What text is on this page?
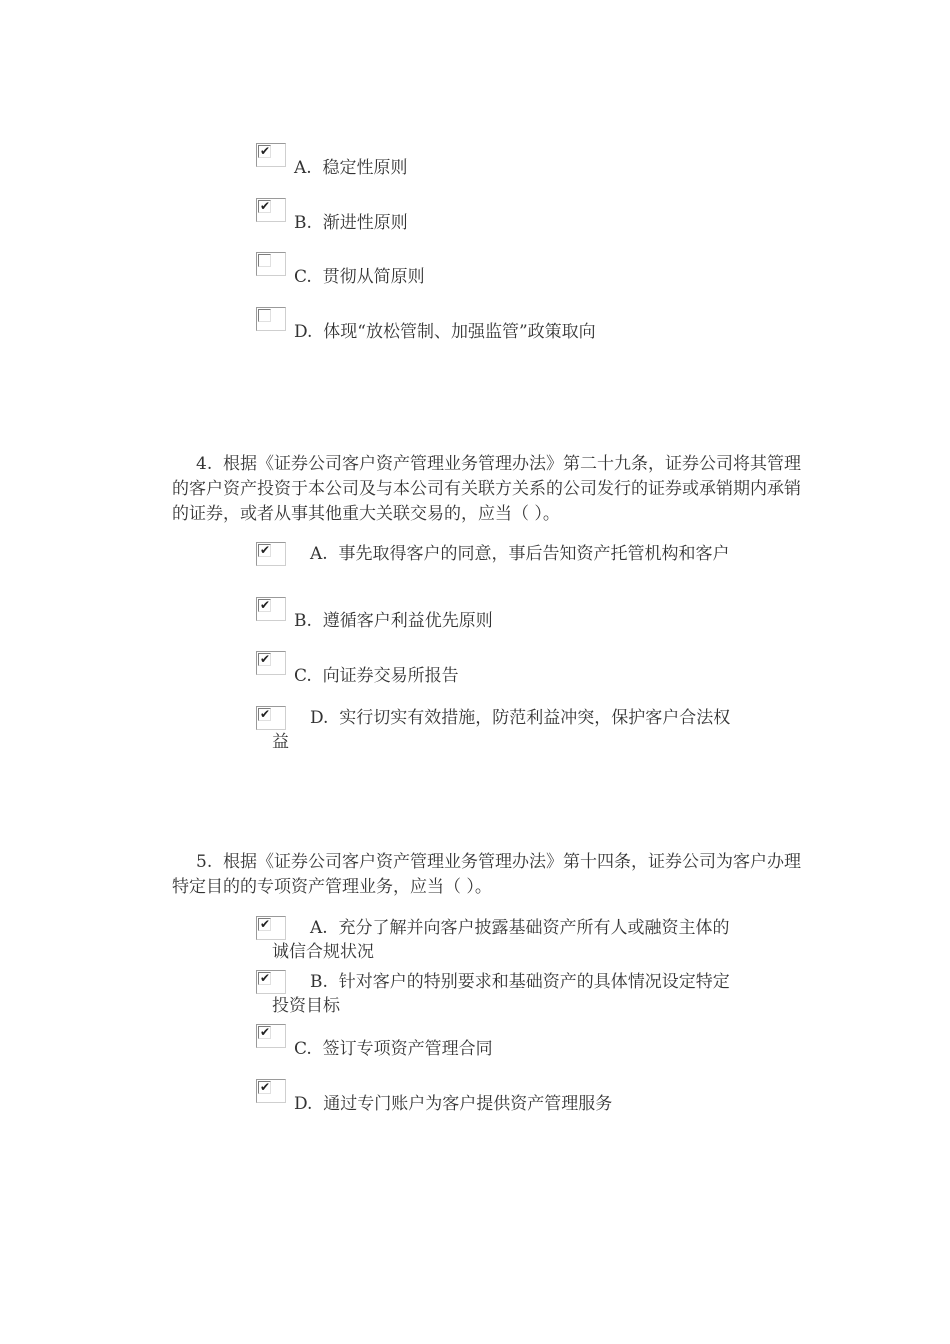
✔
A. 稳定性原则
✔
B. 渐进性原则
C. 贯彻从简原则
D. 体现“放松管制、加强监管”政策取向
4. 根据《证券公司客户资产管理业务管理办法》第二十九条，证券公司将其管理的客户资产投资于本公司及与本公司有关联方关系的公司发行的证券或承销期内承销的证券，或者从事其他重大关联交易的，应当（ ）。
✔	A. 事先取得客户的同意，事后告知资产托管机构和客户
✔
B. 遵循客户利益优先原则
✔
C. 向证券交易所报告
✔	D. 实行切实有效措施，防范利益冲突，保护客户合法权益
5. 根据《证券公司客户资产管理业务管理办法》第十四条，证券公司为客户办理特定目的的专项资产管理业务，应当（ ）。
✔	A. 充分了解并向客户披露基础资产所有人或融资主体的诚信合规状况
✔	B. 针对客户的特别要求和基础资产的具体情况设定特定投资目标
✔
C. 签订专项资产管理合同
✔
D. 通过专门账户为客户提供资产管理服务
